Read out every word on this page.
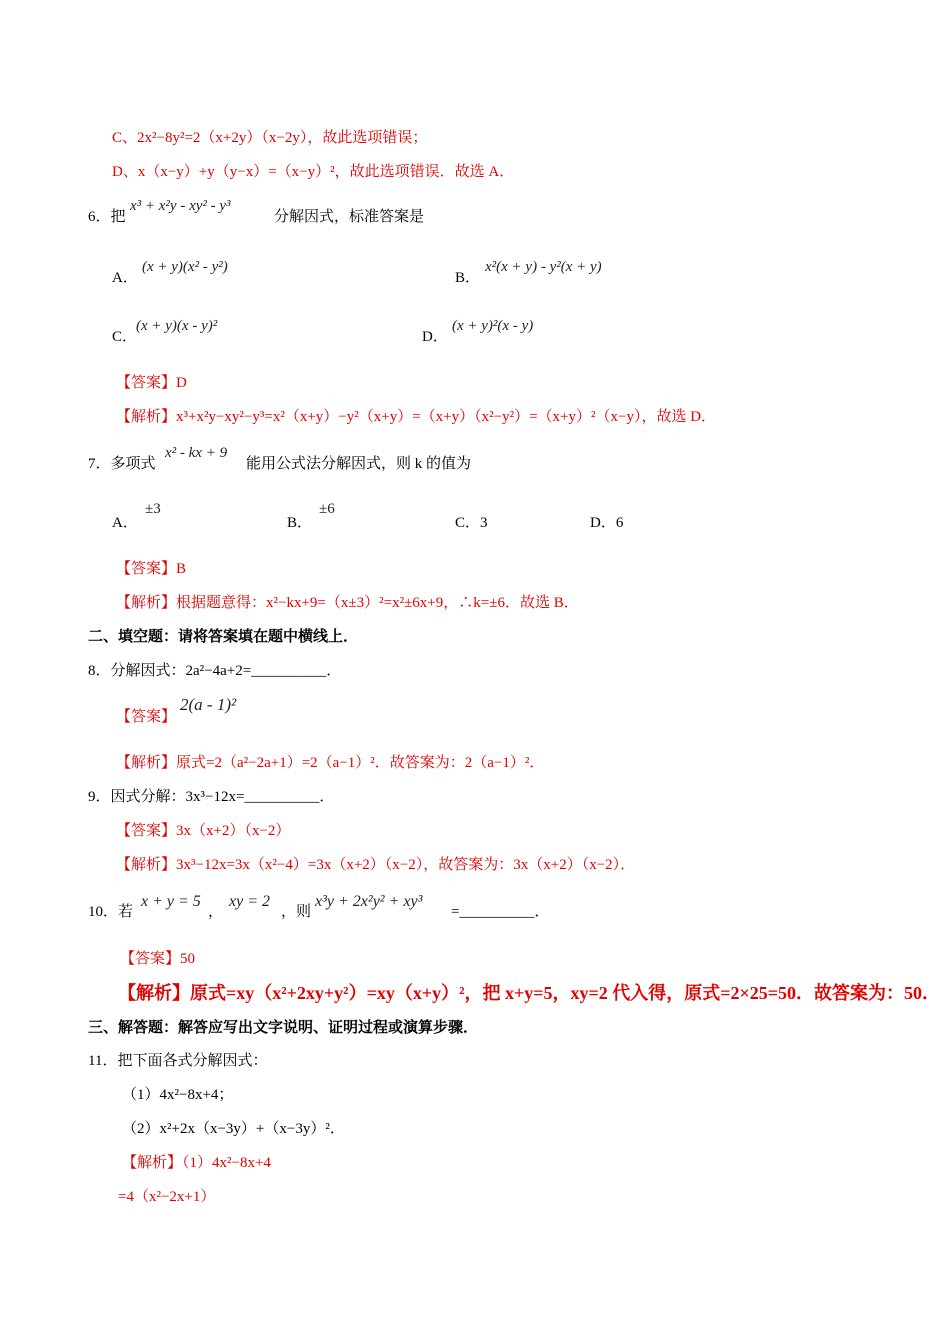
C、2x²−8y²=2（x+2y）（x−2y），故此选项错误；
D、x（x−y）+y（y−x）=（x−y）²，故此选项错误．故选 A．
6．把
x³ + x²y - xy² - y³
分解因式，标准答案是
A．
(x + y)(x² - y²)
B．
x²(x + y) - y²(x + y)
C．
(x + y)(x - y)²
D．
(x + y)²(x - y)
【答案】D
【解析】x³+x²y−xy²−y³=x²（x+y）−y²（x+y）=（x+y）（x²−y²）=（x+y）²（x−y），故选 D．
7．多项式
x² - kx + 9
能用公式法分解因式，则 k 的值为
A．
±3
B．
±6
C．3	D．6
【答案】B
【解析】根据题意得：x²−kx+9=（x±3）²=x²±6x+9，∴k=±6．故选 B．
二、填空题：请将答案填在题中横线上．
8．分解因式：2a²−4a+2=__________．
【答案】
2(a - 1)²
【解析】原式=2（a²−2a+1）=2（a−1）²．故答案为：2（a−1）²．
9．因式分解：3x³−12x=__________．
【答案】3x（x+2）（x−2）
【解析】3x³−12x=3x（x²−4）=3x（x+2）（x−2），故答案为：3x（x+2）（x−2）．
10．若
x + y = 5
，
xy = 2
，则
x³y + 2x²y² + xy³
=__________．
【答案】50
【解析】原式=xy（x²+2xy+y²）=xy（x+y）²，把 x+y=5，xy=2 代入得，原式=2×25=50．故答案为：50．
三、解答题：解答应写出文字说明、证明过程或演算步骤．
11．把下面各式分解因式：
（1）4x²−8x+4；
（2）x²+2x（x−3y）+（x−3y）²．
【解析】（1）4x²−8x+4
=4（x²−2x+1）
